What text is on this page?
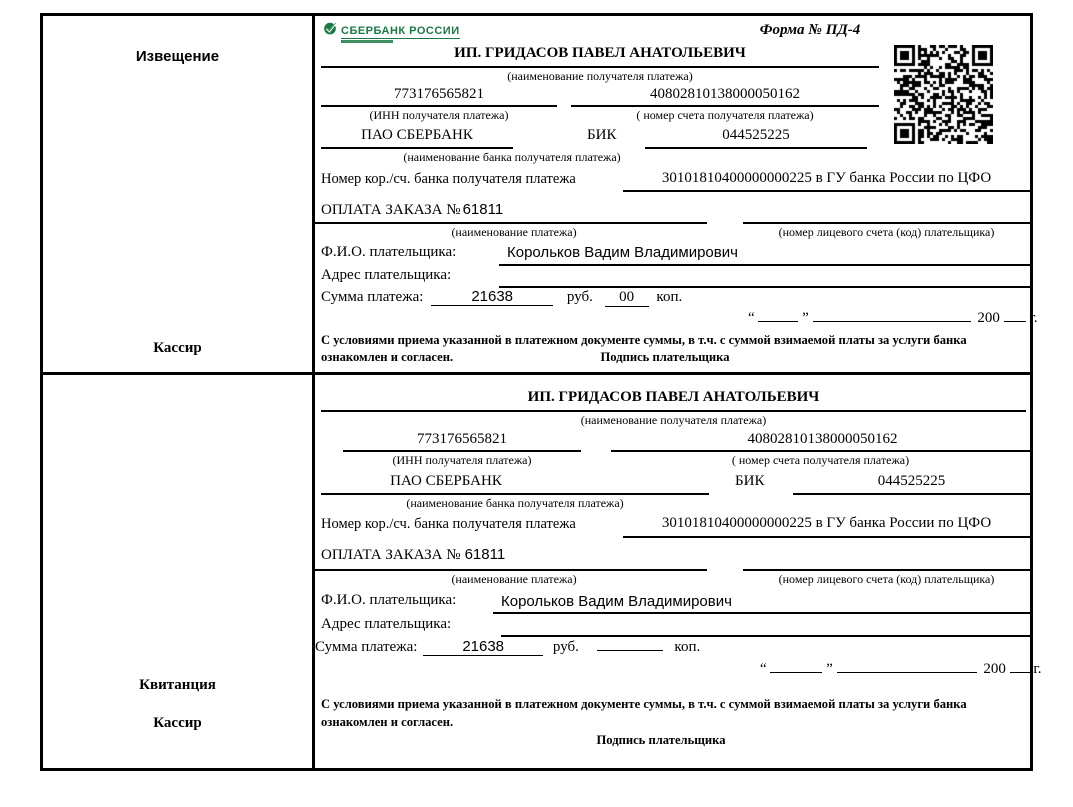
Извещение
Кассир
СБЕРБАНК РОССИИ	Форма № ПД-4
ИП. ГРИДАСОВ ПАВЕЛ АНАТОЛЬЕВИЧ
(наименование получателя платежа)
773176565821	40802810138000050162
(ИНН получателя платежа)	( номер счета получателя платежа)
ПАО СБЕРБАНК	БИК	044525225
(наименование банка получателя платежа)
Номер кор./сч. банка получателя платежа	30101810400000000225 в ГУ банка России по ЦФО
ОПЛАТА ЗАКАЗА № 61811
(наименование платежа)	(номер лицевого счета (код) плательщика)
Ф.И.О. плательщика:	Корольков Вадим Владимирович
Адрес плательщика:
Сумма платежа:	21638	руб. 00 коп.
“	”	200 г.
С условиями приема указанной в платежном документе суммы, в т.ч. с суммой взимаемой платы за услуги банка
ознакомлен и согласен.	Подпись плательщика
Квитанция
Кассир
ИП. ГРИДАСОВ ПАВЕЛ АНАТОЛЬЕВИЧ
(наименование получателя платежа)
773176565821	40802810138000050162
(ИНН получателя платежа)	( номер счета получателя платежа)
ПАО СБЕРБАНК	БИК	044525225
(наименование банка получателя платежа)
Номер кор./сч. банка получателя платежа	30101810400000000225 в ГУ банка России по ЦФО
ОПЛАТА ЗАКАЗА № 61811
(наименование платежа)	(номер лицевого счета (код) плательщика)
Ф.И.О. плательщика:	Корольков Вадим Владимирович
Адрес плательщика:
Сумма платежа:	21638	руб.	коп.
“	”	200 г.
С условиями приема указанной в платежном документе суммы, в т.ч. с суммой взимаемой платы за услуги банка
ознакомлен и согласен.
Подпись плательщика
